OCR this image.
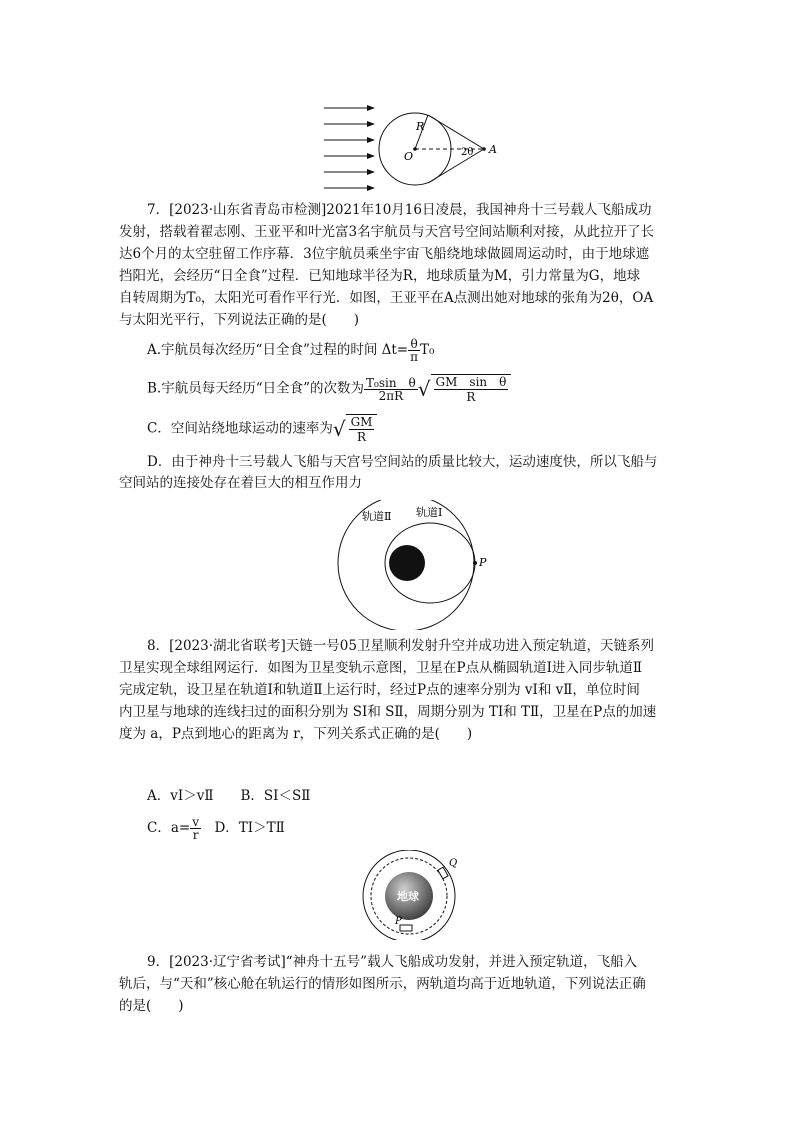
R
O	2θ A
7．[2023·山东省青岛市检测]2021年10月16日凌晨，我国神舟十三号载人飞船成功
发射，搭载着翟志刚、王亚平和叶光富3名宇航员与天宫号空间站顺利对接，从此拉开了长
达6个月的太空驻留工作序幕．3位宇航员乘坐宇宙飞船绕地球做圆周运动时，由于地球遮
挡阳光，会经历“日全食”过程．已知地球半径为R，地球质量为M，引力常量为G，地球
自转周期为T₀，太阳光可看作平行光．如图，王亚平在A点测出她对地球的张角为2θ，OA
与太阳光平行，下列说法正确的是(　　)
A.宇航员每次经历“日全食”过程的时间 $\Delta t= \frac{\theta}{\pi} T_0$
B.宇航员每天经历“日全食”的次数为 $\frac{\text{T₀sin　θ}}{2\pi R}$ √ $\frac{\text{GM　sin　θ}}{R}$
C．空间站绕地球运动的速率为√ $\frac{GM}{R}$
D．由于神舟十三号载人飞船与天宫号空间站的质量比较大，运动速度快，所以飞船与
空间站的连接处存在着巨大的相互作用力
轨道Ⅱ 轨道Ⅰ
P
8．[2023·湖北省联考]天链一号05卫星顺利发射升空并成功进入预定轨道，天链系列
卫星实现全球组网运行．如图为卫星变轨示意图，卫星在P点从椭圆轨道Ⅰ进入同步轨道Ⅱ
完成定轨，设卫星在轨道Ⅰ和轨道Ⅱ上运行时，经过P点的速率分别为 vⅠ和 vⅡ，单位时间
内卫星与地球的连线扫过的面积分别为 SⅠ和 SⅡ，周期分别为 TⅠ和 TⅡ，卫星在P点的加速
度为 a，P点到地心的距离为 r，下列关系式正确的是(　　)
A．vⅠ＞vⅡ　　B．SⅠ＜SⅡ
C．$a= \frac{v}{r}$ 　D．TⅠ＞TⅡ
地球
Q
P
9．[2023·辽宁省考试]“神舟十五号”载人飞船成功发射，并进入预定轨道，飞船入
轨后，与“天和”核心舱在轨运行的情形如图所示，两轨道均高于近地轨道，下列说法正确
的是(　　)
